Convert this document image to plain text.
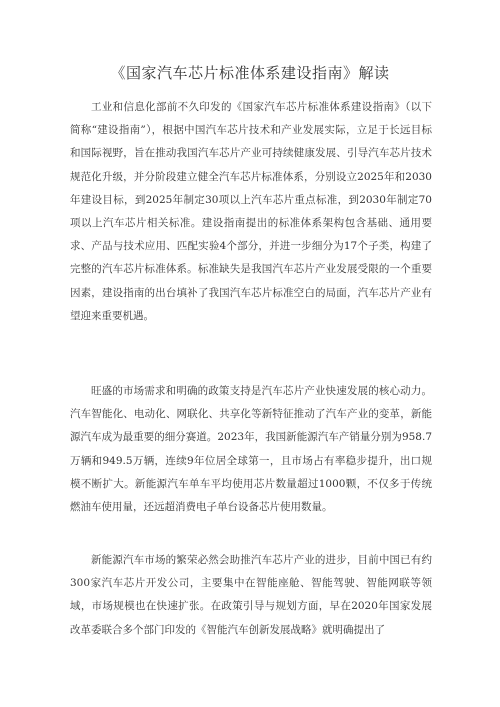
《国家汽车芯片标准体系建设指南》解读

工业和信息化部前不久印发的《国家汽车芯片标准体系建设指南》（以下简称“建设指南”），根据中国汽车芯片技术和产业发展实际，立足于长远目标和国际视野，旨在推动我国汽车芯片产业可持续健康发展、引导汽车芯片技术规范化升级，并分阶段建立健全汽车芯片标准体系，分别设立2025年和2030年建设目标，到2025年制定30项以上汽车芯片重点标准，到2030年制定70项以上汽车芯片相关标准。建设指南提出的标准体系架构包含基础、通用要求、产品与技术应用、匹配实验4个部分，并进一步细分为17个子类，构建了完整的汽车芯片标准体系。标准缺失是我国汽车芯片产业发展受限的一个重要因素，建设指南的出台填补了我国汽车芯片标准空白的局面，汽车芯片产业有望迎来重要机遇。

旺盛的市场需求和明确的政策支持是汽车芯片产业快速发展的核心动力。汽车智能化、电动化、网联化、共享化等新特征推动了汽车产业的变革，新能源汽车成为最重要的细分赛道。2023年，我国新能源汽车产销量分别为958.7万辆和949.5万辆，连续9年位居全球第一，且市场占有率稳步提升，出口规模不断扩大。新能源汽车单车平均使用芯片数量超过1000颗，不仅多于传统燃油车使用量，还远超消费电子单台设备芯片使用数量。

新能源汽车市场的繁荣必然会助推汽车芯片产业的进步，目前中国已有约300家汽车芯片开发公司，主要集中在智能座舱、智能驾驶、智能网联等领域，市场规模也在快速扩张。在政策引导与规划方面，早在2020年国家发展改革委联合多个部门印发的《智能汽车创新发展战略》就明确提出了
